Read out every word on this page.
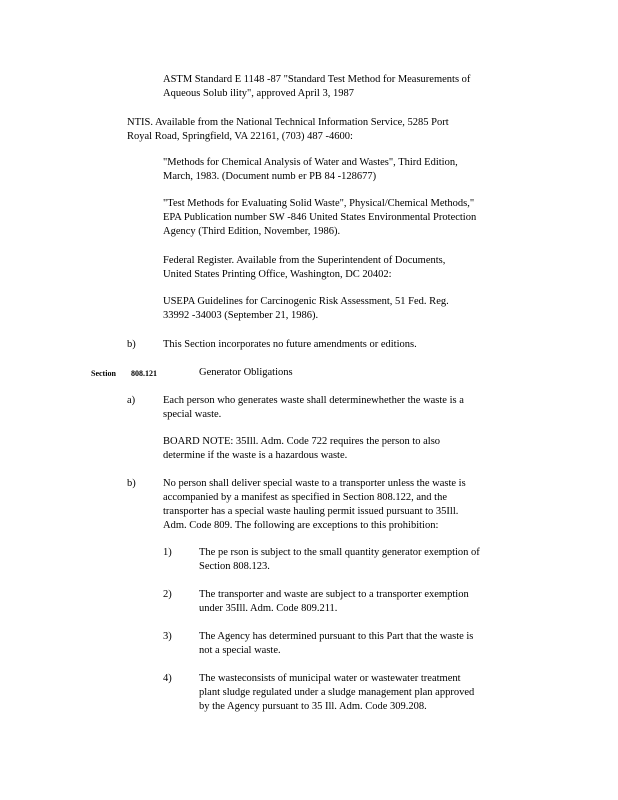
ASTM Standard E 1148 -87 "Standard Test Method for Measurements of

Aqueous Solub ility", approved April 3, 1987

NTIS. Available from the National Technical Information Service, 5285 Port

Royal Road, Springfield, VA 22161, (703) 487 -4600:

"Methods for Chemical Analysis of Water and Wastes", Third Edition,

March, 1983. (Document numb er PB 84 -128677)

"Test Methods for Evaluating Solid Waste", Physical/Chemical Methods,"

EPA Publication number SW -846 United States Environmental Protection

Agency (Third Edition, November, 1986).

Federal Register. Available from the Superintendent of Documents,

United States Printing Office, Washington, DC 20402:

USEPA Guidelines for Carcinogenic Risk Assessment, 51 Fed. Reg.

33992 -34003 (September 21, 1986).

b)	This Section incorporates no future amendments or editions.

Section 808.121	Generator Obligations
a)	Each person who generates waste shall determinewhether the waste is a

special waste.

BOARD NOTE: 35Ill. Adm. Code 722 requires the person to also

determine if the waste is a hazardous waste.

b)	No person shall deliver special waste to a transporter unless the waste is

accompanied by a manifest as specified in Section 808.122, and the

transporter has a special waste hauling permit issued pursuant to 35Ill.

Adm. Code 809. The following are exceptions to this prohibition:

1)	The pe rson is subject to the small quantity generator exemption of

Section 808.123.

2)	The transporter and waste are subject to a transporter exemption

under 35Ill. Adm. Code 809.211.

3)	The Agency has determined pursuant to this Part that the waste is

not a special waste.

4)	The wasteconsists of municipal water or wastewater treatment

plant sludge regulated under a sludge management plan approved

by the Agency pursuant to 35 Ill. Adm. Code 309.208.
